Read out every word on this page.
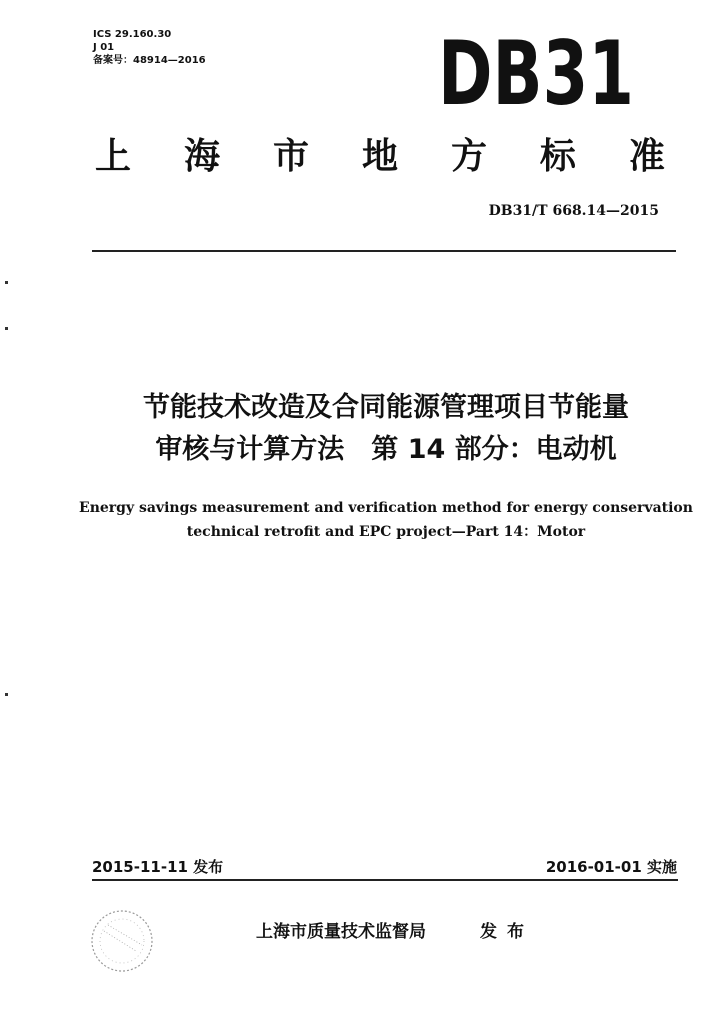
ICS 29.160.30
J 01
备案号：48914—2016	DB31
上 海 市 地 方 标 准
DB31/T 668.14—2015
节能技术改造及合同能源管理项目节能量
审核与计算方法　第 14 部分：电动机
Energy savings measurement and verification method for energy conservation
technical retrofit and EPC project—Part 14：Motor
2015-11-11 发布	2016-01-01 实施
上海市质量技术监督局	发布
